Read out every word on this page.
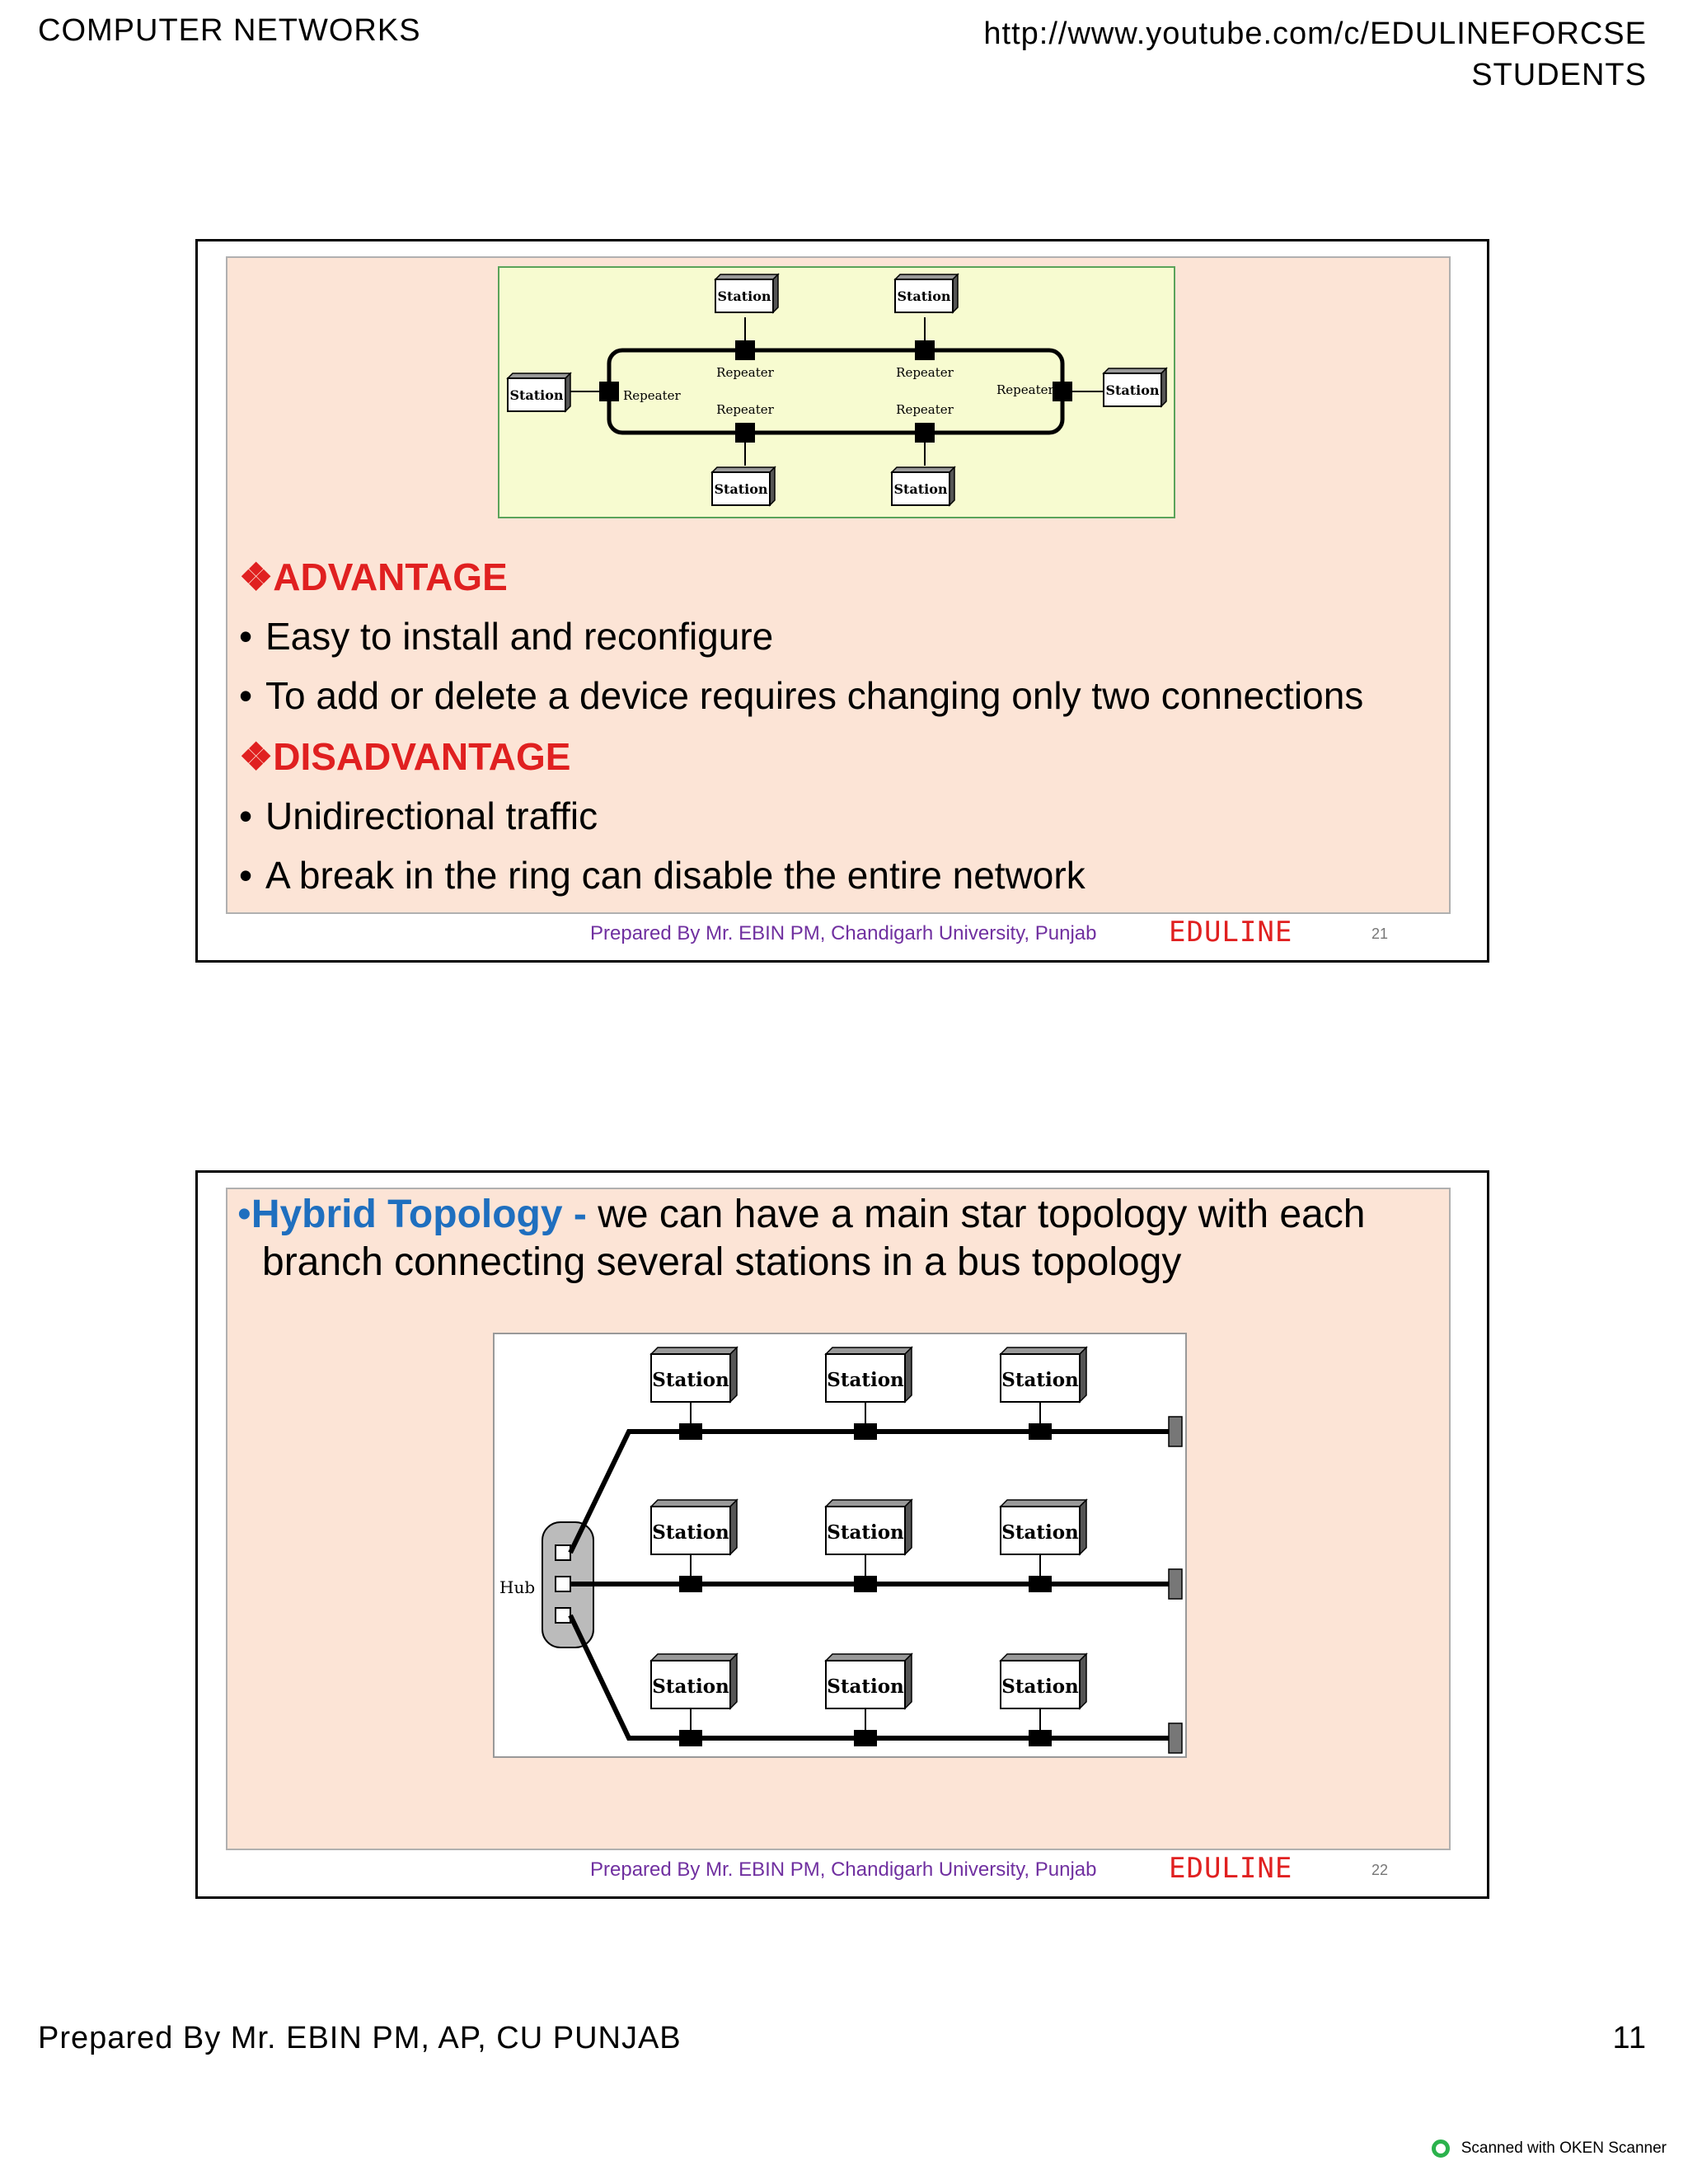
COMPUTER NETWORKS	http://www.youtube.com/c/EDULINEFORCSE
STUDENTS
Repeater	Repeater
Repeater	Repeater
Repeater	Repeater
Station	Station
Station	Station
Station	Station
❖ADVANTAGE
• Easy to install and reconfigure
• To add or delete a device requires changing only two connections
❖DISADVANTAGE
• Unidirectional traffic
• A break in the ring can disable the entire network
Prepared By Mr. EBIN PM, Chandigarh University, Punjab	EDULINE	21
•Hybrid Topology - we can have a main star topology with each
branch connecting several stations in a bus topology
Hub
Station	Station	Station
Station	Station	Station
Station	Station	Station
Prepared By Mr. EBIN PM, Chandigarh University, Punjab	EDULINE	22
Prepared By Mr. EBIN PM, AP, CU PUNJAB	11
Scanned with OKEN Scanner
